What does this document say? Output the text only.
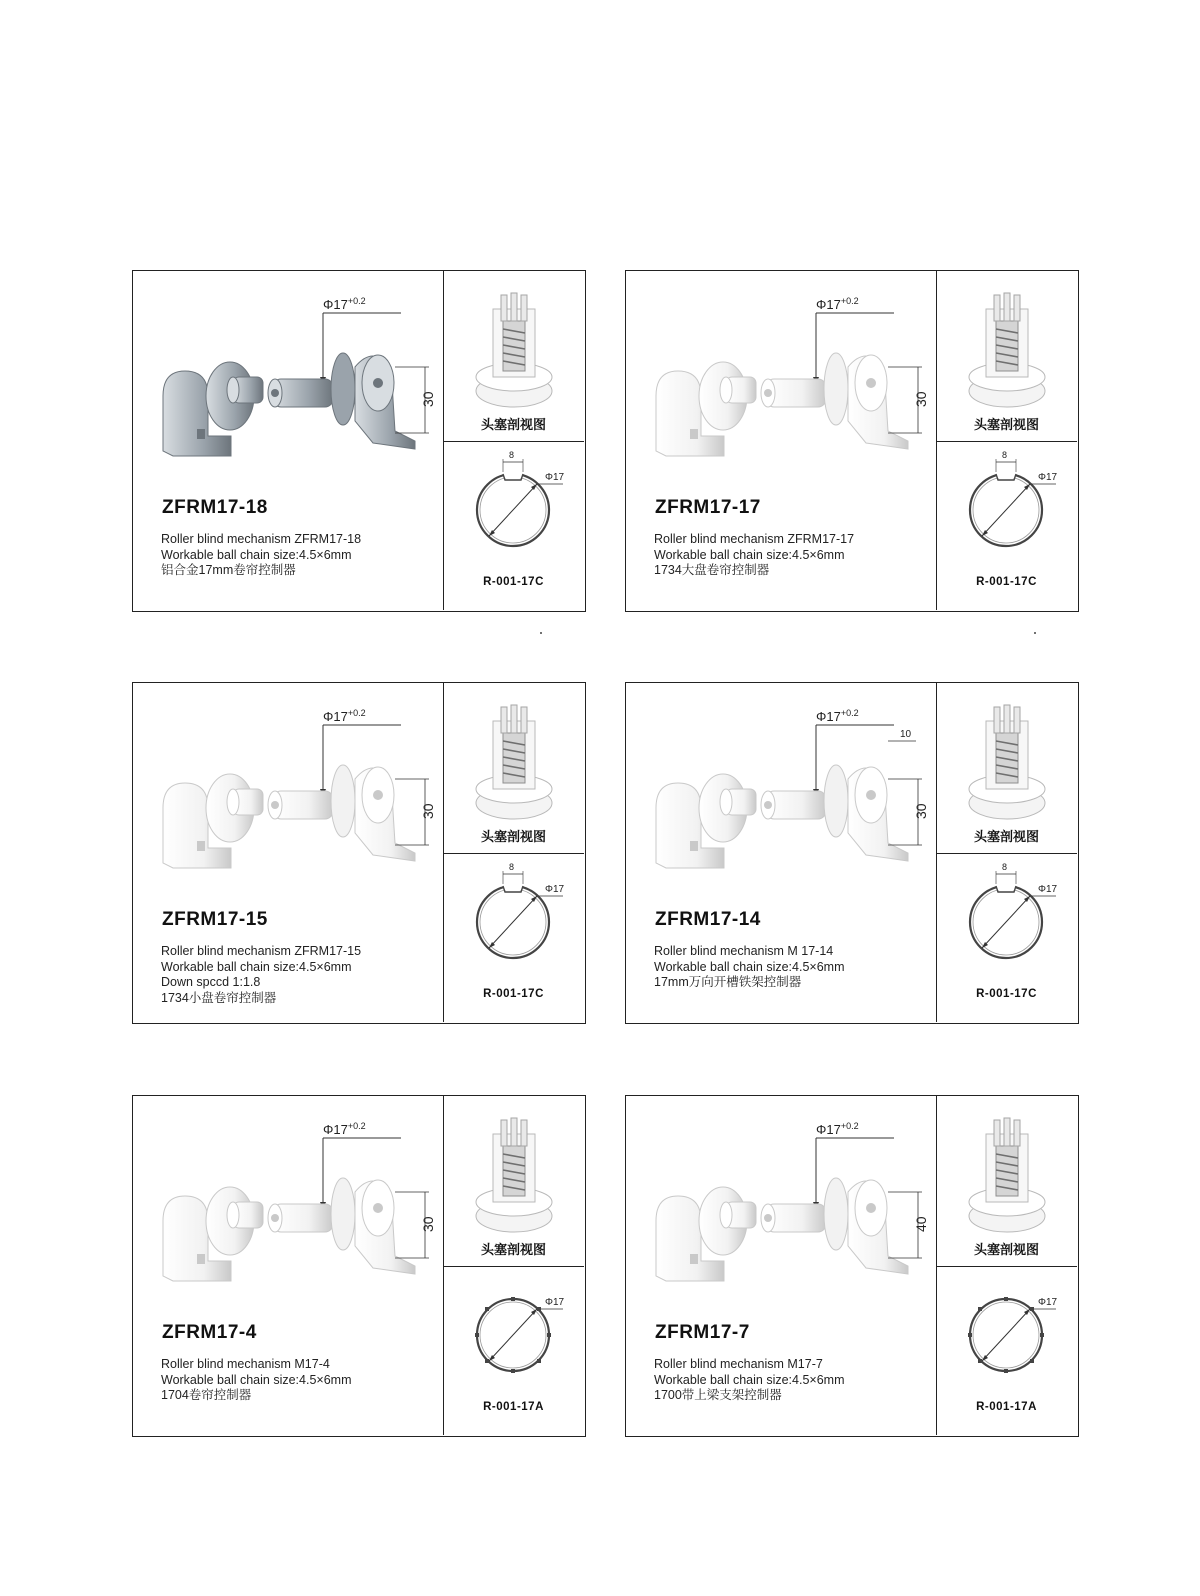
$\Phi 17^{+0.2}$
30
ZFRM17-18
Roller blind mechanism ZFRM17-18
Workable ball chain size:4.5×6mm
铝合金17mm卷帘控制器
头塞剖视图
Φ17
8
R-001-17C
$\Phi 17^{+0.2}$
30
ZFRM17-17
Roller blind mechanism ZFRM17-17
Workable ball chain size:4.5×6mm
1734大盘卷帘控制器
头塞剖视图
Φ17
8
R-001-17C
$\Phi 17^{+0.2}$
30
ZFRM17-15
Roller blind mechanism ZFRM17-15
Workable ball chain size:4.5×6mm
Down spccd 1:1.8
1734小盘卷帘控制器
头塞剖视图
Φ17
8
R-001-17C
$\Phi 17^{+0.2}$
30
10
ZFRM17-14
Roller blind mechanism M 17-14
Workable ball chain size:4.5×6mm
17mm万向开槽铁架控制器
头塞剖视图
Φ17
8
R-001-17C
$\Phi 17^{+0.2}$
30
ZFRM17-4
Roller blind mechanism M17-4
Workable ball chain size:4.5×6mm
1704卷帘控制器
头塞剖视图
Φ17
R-001-17A
$\Phi 17^{+0.2}$
40
ZFRM17-7
Roller blind mechanism M17-7
Workable ball chain size:4.5×6mm
1700带上梁支架控制器
头塞剖视图
Φ17
R-001-17A
